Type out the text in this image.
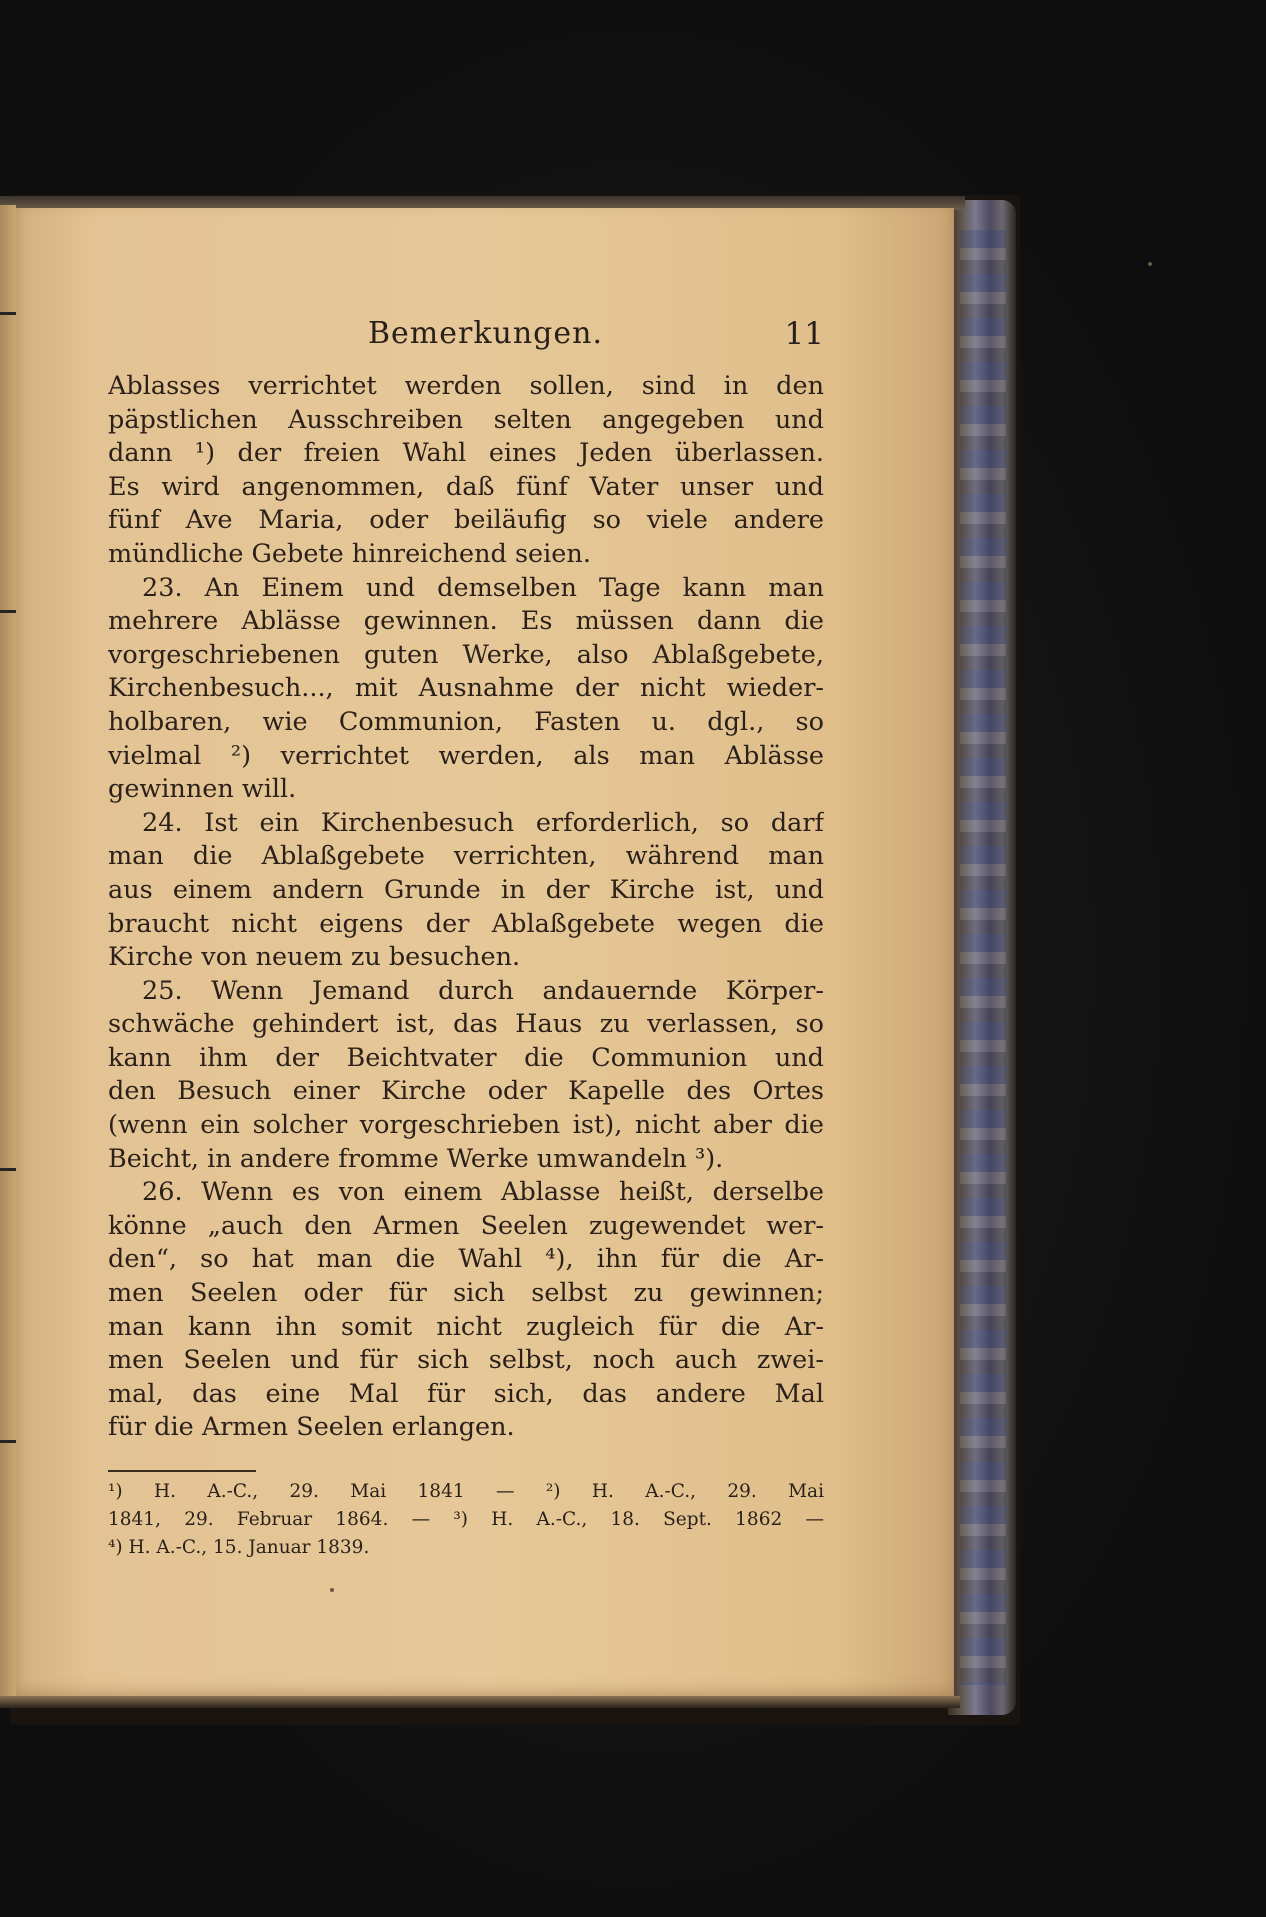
Bemerkungen.	11
Ablasses verrichtet werden sollen, sind in den
päpstlichen Ausschreiben selten angegeben und
dann ¹) der freien Wahl eines Jeden überlassen.
Es wird angenommen, daß fünf Vater unser und
fünf Ave Maria, oder beiläufig so viele andere
mündliche Gebete hinreichend seien.
23. An Einem und demselben Tage kann man
mehrere Ablässe gewinnen. Es müssen dann die
vorgeschriebenen guten Werke, also Ablaßgebete,
Kirchenbesuch..., mit Ausnahme der nicht wieder-
holbaren, wie Communion, Fasten u. dgl., so
vielmal ²) verrichtet werden, als man Ablässe
gewinnen will.
24. Ist ein Kirchenbesuch erforderlich, so darf
man die Ablaßgebete verrichten, während man
aus einem andern Grunde in der Kirche ist, und
braucht nicht eigens der Ablaßgebete wegen die
Kirche von neuem zu besuchen.
25. Wenn Jemand durch andauernde Körper-
schwäche gehindert ist, das Haus zu verlassen, so
kann ihm der Beichtvater die Communion und
den Besuch einer Kirche oder Kapelle des Ortes
(wenn ein solcher vorgeschrieben ist), nicht aber die
Beicht, in andere fromme Werke umwandeln ³).
26. Wenn es von einem Ablasse heißt, derselbe
könne „auch den Armen Seelen zugewendet wer-
den“, so hat man die Wahl ⁴), ihn für die Ar-
men Seelen oder für sich selbst zu gewinnen;
man kann ihn somit nicht zugleich für die Ar-
men Seelen und für sich selbst, noch auch zwei-
mal, das eine Mal für sich, das andere Mal
für die Armen Seelen erlangen.
¹) H. A.-C., 29. Mai 1841 — ²) H. A.-C., 29. Mai
1841, 29. Februar 1864. — ³) H. A.-C., 18. Sept. 1862 —
⁴) H. A.-C., 15. Januar 1839.
